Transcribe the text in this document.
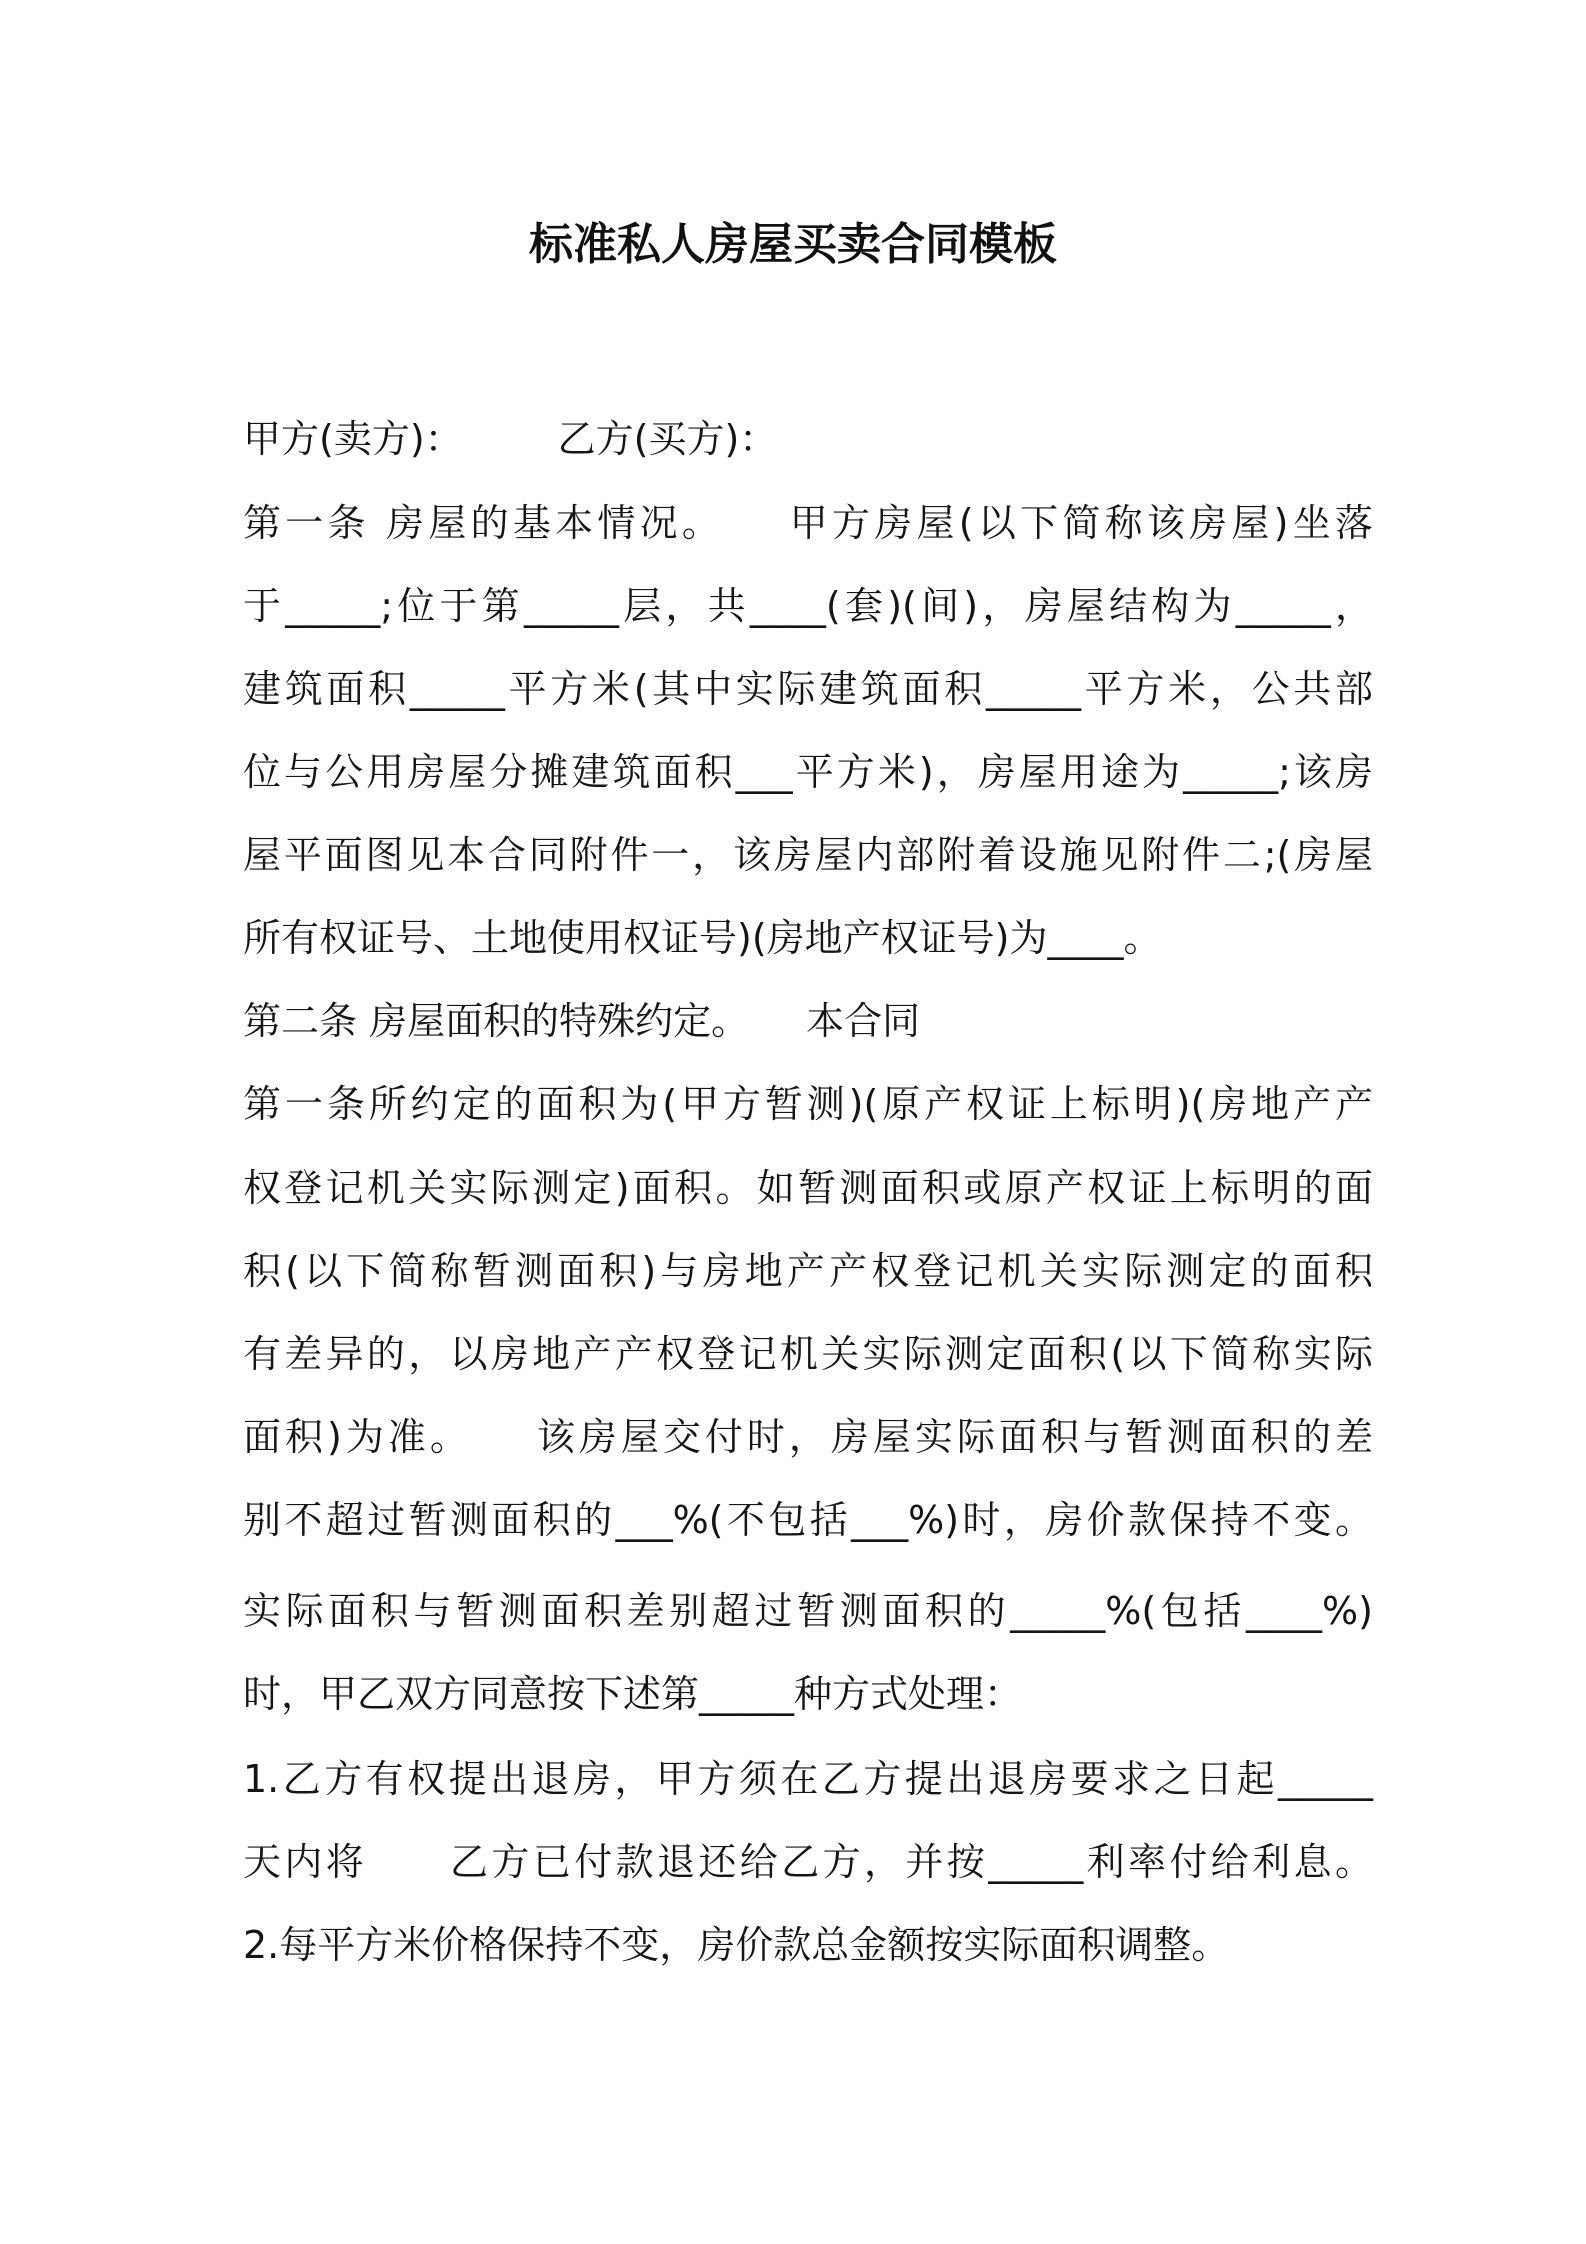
标准私人房屋买卖合同模板
甲方(卖方)：　　　乙方(买方)：
第一条 房屋的基本情况。　　甲方房屋(以下简称该房屋)坐落
于_____;位于第_____层，共____(套)(间)，房屋结构为_____，
建筑面积_____平方米(其中实际建筑面积_____平方米，公共部
位与公用房屋分摊建筑面积___平方米)，房屋用途为_____;该房
屋平面图见本合同附件一，该房屋内部附着设施见附件二;(房屋
所有权证号、土地使用权证号)(房地产权证号)为____。
第二条 房屋面积的特殊约定。　　本合同
第一条所约定的面积为(甲方暂测)(原产权证上标明)(房地产产
权登记机关实际测定)面积。如暂测面积或原产权证上标明的面
积(以下简称暂测面积)与房地产产权登记机关实际测定的面积
有差异的，以房地产产权登记机关实际测定面积(以下简称实际
面积)为准。　　该房屋交付时，房屋实际面积与暂测面积的差
别不超过暂测面积的___%(不包括___%)时，房价款保持不变。
实际面积与暂测面积差别超过暂测面积的_____%(包括____%)
时，甲乙双方同意按下述第_____种方式处理：
1.乙方有权提出退房，甲方须在乙方提出退房要求之日起_____
天内将　　乙方已付款退还给乙方，并按_____利率付给利息。
2.每平方米价格保持不变，房价款总金额按实际面积调整。
